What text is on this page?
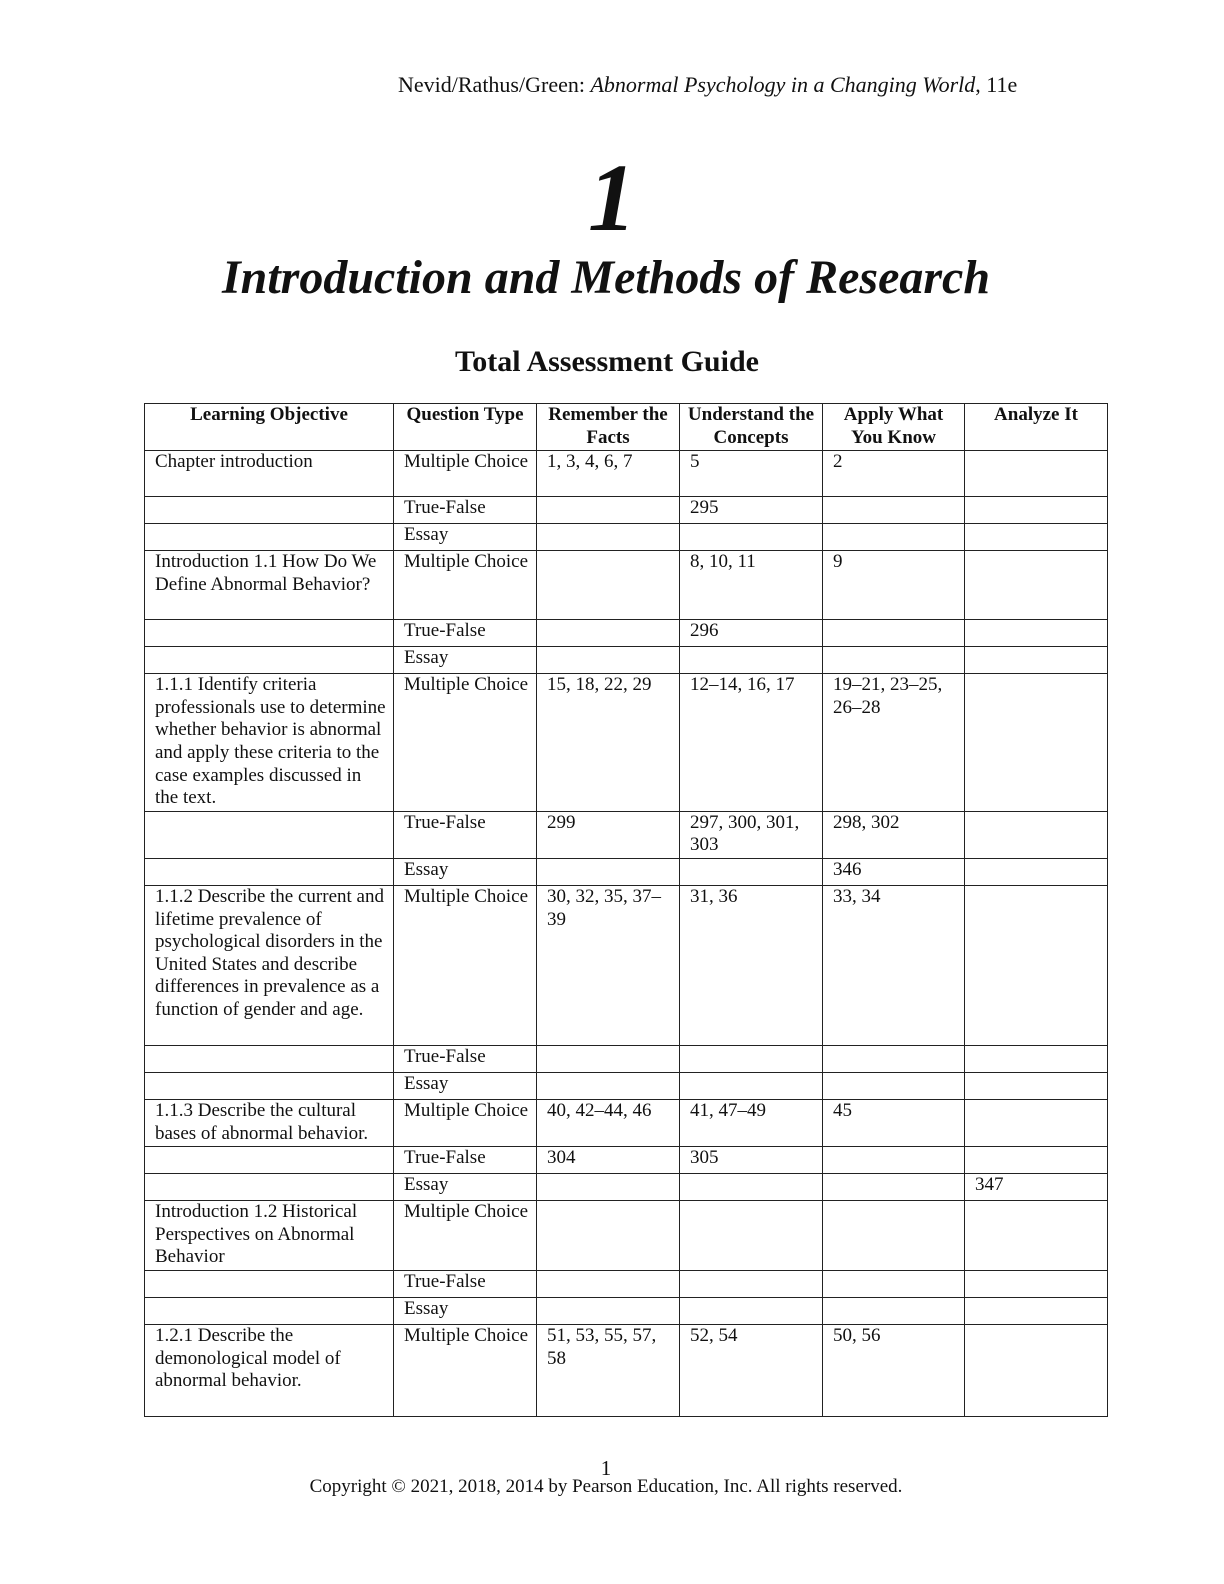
Nevid/Rathus/Green: Abnormal Psychology in a Changing World, 11e
1
Introduction and Methods of Research
Total Assessment Guide
Learning Objective	Question Type	Remember the Facts	Understand the Concepts	Apply What You Know	Analyze It
Chapter introduction	Multiple Choice	1, 3, 4, 6, 7	5	2	
	True-False		295		
	Essay				
Introduction 1.1 How Do We Define Abnormal Behavior?	Multiple Choice		8, 10, 11	9	
	True-False		296		
	Essay				
1.1.1 Identify criteria professionals use to determine whether behavior is abnormal and apply these criteria to the case examples discussed in the text.	Multiple Choice	15, 18, 22, 29	12–14, 16, 17	19–21, 23–25, 26–28	
	True-False	299	297, 300, 301, 303	298, 302	
	Essay			346	
1.1.2 Describe the current and lifetime prevalence of psychological disorders in the United States and describe differences in prevalence as a function of gender and age.	Multiple Choice	30, 32, 35, 37–39	31, 36	33, 34	
	True-False				
	Essay				
1.1.3 Describe the cultural bases of abnormal behavior.	Multiple Choice	40, 42–44, 46	41, 47–49	45	
	True-False	304	305		
	Essay				347
Introduction 1.2 Historical Perspectives on Abnormal Behavior	Multiple Choice				
	True-False				
	Essay				
1.2.1 Describe the demonological model of abnormal behavior.	Multiple Choice	51, 53, 55, 57, 58	52, 54	50, 56	
1
Copyright © 2021, 2018, 2014 by Pearson Education, Inc. All rights reserved.
